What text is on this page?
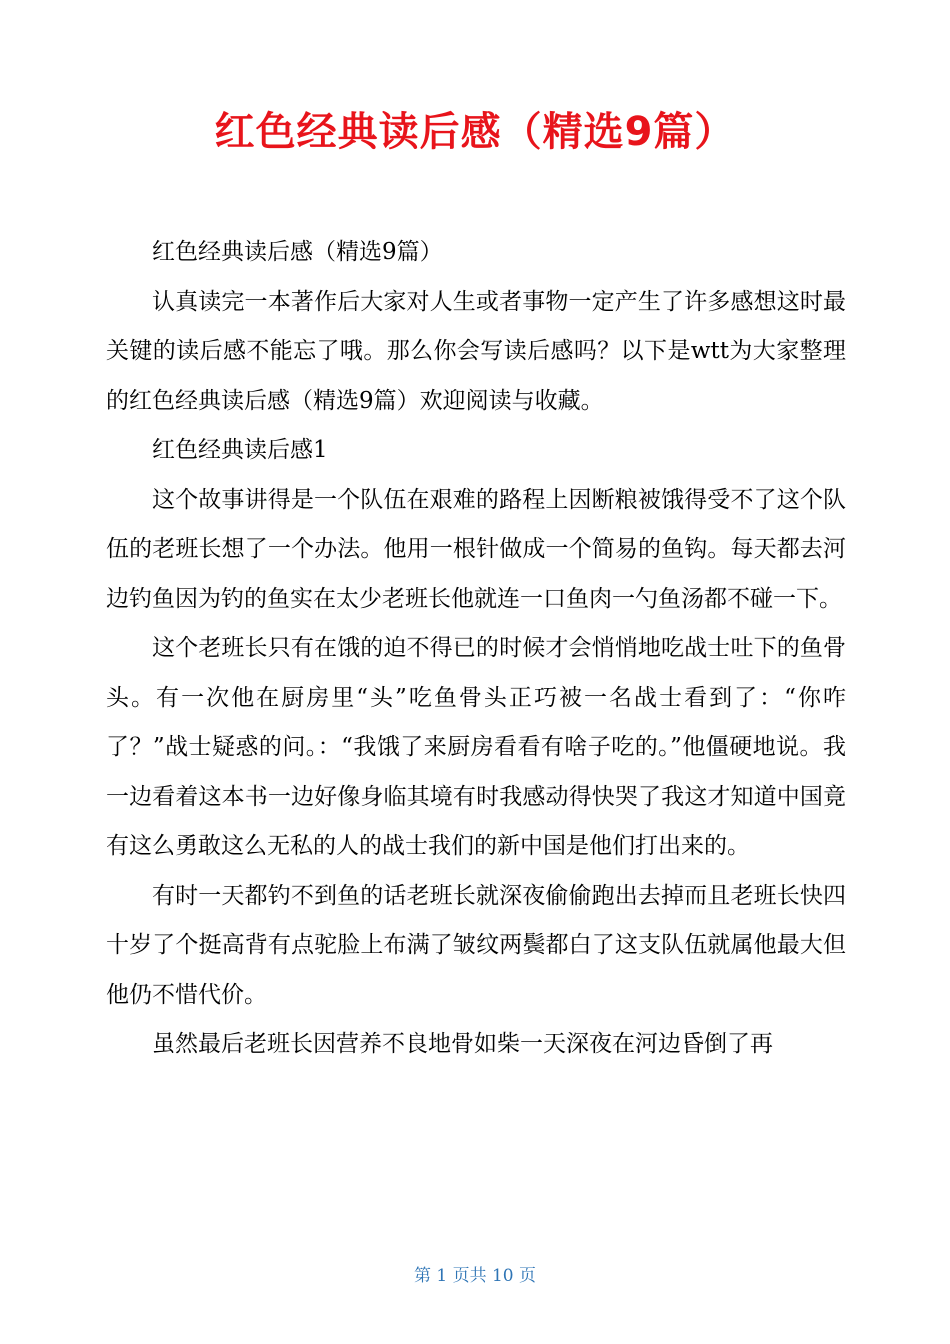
红色经典读后感（精选9篇）

红色经典读后感（精选9篇）

认真读完一本著作后大家对人生或者事物一定产生了许多感想这时最关键的读后感不能忘了哦。那么你会写读后感吗？以下是wtt为大家整理的红色经典读后感（精选9篇）欢迎阅读与收藏。

红色经典读后感1

这个故事讲得是一个队伍在艰难的路程上因断粮被饿得受不了这个队伍的老班长想了一个办法。他用一根针做成一个简易的鱼钩。每天都去河边钓鱼因为钓的鱼实在太少老班长他就连一口鱼肉一勺鱼汤都不碰一下。

这个老班长只有在饿的迫不得已的时候才会悄悄地吃战士吐下的鱼骨头。有一次他在厨房里“头”吃鱼骨头正巧被一名战士看到了：“你咋了？”战士疑惑的问。：“我饿了来厨房看看有啥子吃的。”他僵硬地说。我一边看着这本书一边好像身临其境有时我感动得快哭了我这才知道中国竟有这么勇敢这么无私的人的战士我们的新中国是他们打出来的。

有时一天都钓不到鱼的话老班长就深夜偷偷跑出去掉而且老班长快四十岁了个挺高背有点驼脸上布满了皱纹两鬓都白了这支队伍就属他最大但他仍不惜代价。

虽然最后老班长因营养不良地骨如柴一天深夜在河边昏倒了再

第 1 页共 10 页
